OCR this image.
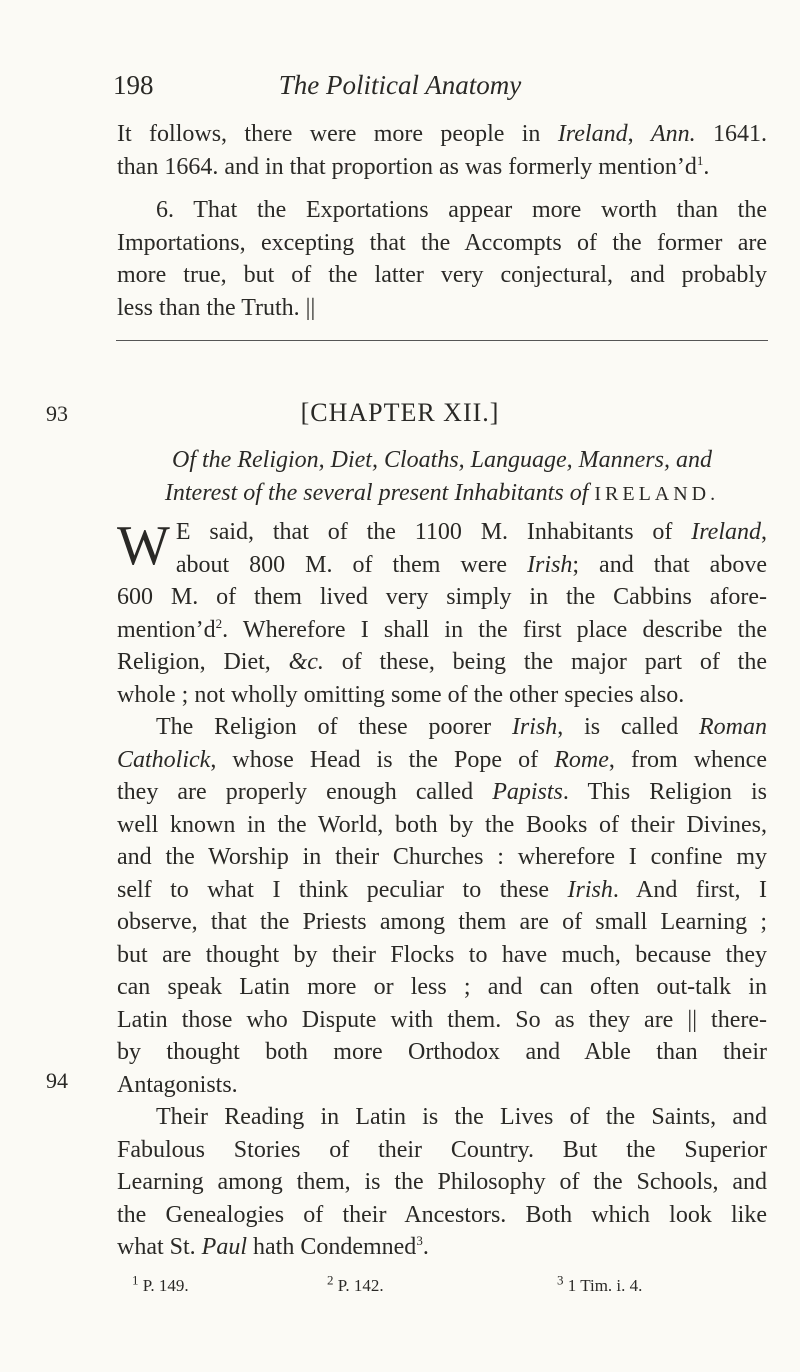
198	The Political Anatomy
It follows, there were more people in Ireland, Ann. 1641.
than 1664. and in that proportion as was formerly $mention’d^1$.
6. That the Exportations appear more worth than the
Importations, excepting that the Accompts of the former are
more true, but of the latter very conjectural, and probably
less than the Truth. ||
93	[CHAPTER XII.]
Of the Religion, Diet, Cloaths, Language, Manners, and
Interest of the several present Inhabitants of IRELAND.
W E said, that of the 1100 M. Inhabitants of Ireland,
about 800 M. of them were Irish; and that above
600 M. of them lived very simply in the Cabbins afore-
$mention’d^2$. Wherefore I shall in the first place describe the
Religion, Diet, &c. of these, being the major part of the
whole ; not wholly omitting some of the other species also.
The Religion of these poorer Irish, is called Roman
Catholick, whose Head is the Pope of Rome, from whence
they are properly enough called Papists. This Religion is
well known in the World, both by the Books of their Divines,
and the Worship in their Churches : wherefore I confine my
self to what I think peculiar to these Irish. And first, I
observe, that the Priests among them are of small Learning ;
but are thought by their Flocks to have much, because they
can speak Latin more or less ; and can often out-talk in
Latin those who Dispute with them. So as they are || there-
by thought both more Orthodox and Able than their
Antagonists.
94
Their Reading in Latin is the Lives of the Saints, and
Fabulous Stories of their Country. But the Superior
Learning among them, is the Philosophy of the Schools, and
the Genealogies of their Ancestors. Both which look like
what St. Paul hath Condemned$^3$.
$^1$ P. 149.	$^2$ P. 142.	$^3$ 1 Tim. i. 4.
